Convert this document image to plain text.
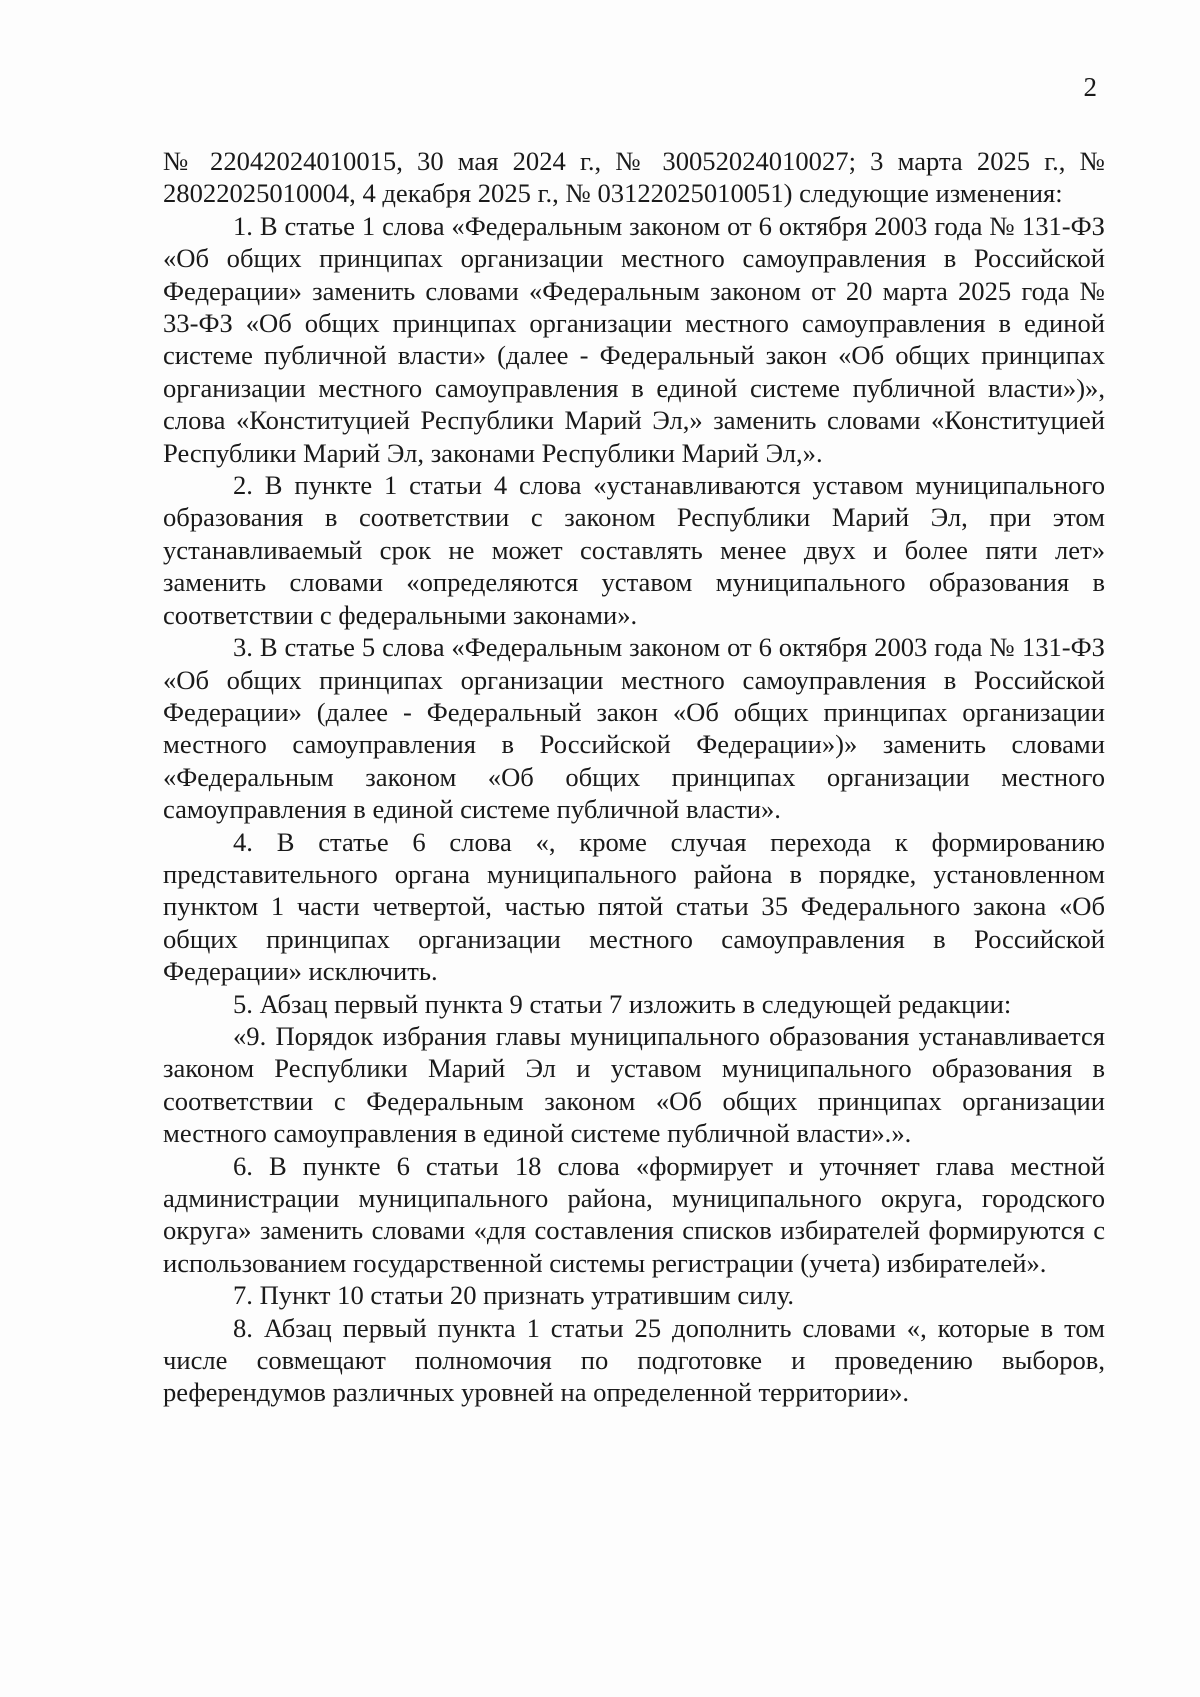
2

№ 22042024010015, 30 мая 2024 г., № 30052024010027; 3 марта 2025 г., № 28022025010004, 4 декабря 2025 г., № 03122025010051) следующие изменения:

1. В статье 1 слова «Федеральным законом от 6 октября 2003 года № 131-ФЗ «Об общих принципах организации местного самоуправления в Российской Федерации» заменить словами «Федеральным законом от 20 марта 2025 года № 33-ФЗ «Об общих принципах организации местного самоуправления в единой системе публичной власти» (далее - Федеральный закон «Об общих принципах организации местного самоуправления в единой системе публичной власти»)», слова «Конституцией Республики Марий Эл,» заменить словами «Конституцией Республики Марий Эл, законами Республики Марий Эл,».

2. В пункте 1 статьи 4 слова «устанавливаются уставом муниципального образования в соответствии с законом Республики Марий Эл, при этом устанавливаемый срок не может составлять менее двух и более пяти лет» заменить словами «определяются уставом муниципального образования в соответствии с федеральными законами».

3. В статье 5 слова «Федеральным законом от 6 октября 2003 года № 131-ФЗ «Об общих принципах организации местного самоуправления в Российской Федерации» (далее - Федеральный закон «Об общих принципах организации местного самоуправления в Российской Федерации»)» заменить словами «Федеральным законом «Об общих принципах организации местного самоуправления в единой системе публичной власти».

4. В статье 6 слова «, кроме случая перехода к формированию представительного органа муниципального района в порядке, установленном пунктом 1 части четвертой, частью пятой статьи 35 Федерального закона «Об общих принципах организации местного самоуправления в Российской Федерации» исключить.

5. Абзац первый пункта 9 статьи 7 изложить в следующей редакции:

«9. Порядок избрания главы муниципального образования устанавливается законом Республики Марий Эл и уставом муниципального образования в соответствии с Федеральным законом «Об общих принципах организации местного самоуправления в единой системе публичной власти».».

6. В пункте 6 статьи 18 слова «формирует и уточняет глава местной администрации муниципального района, муниципального округа, городского округа» заменить словами «для составления списков избирателей формируются с использованием государственной системы регистрации (учета) избирателей».

7. Пункт 10 статьи 20 признать утратившим силу.

8. Абзац первый пункта 1 статьи 25 дополнить словами «, которые в том числе совмещают полномочия по подготовке и проведению выборов, референдумов различных уровней на определенной территории».
